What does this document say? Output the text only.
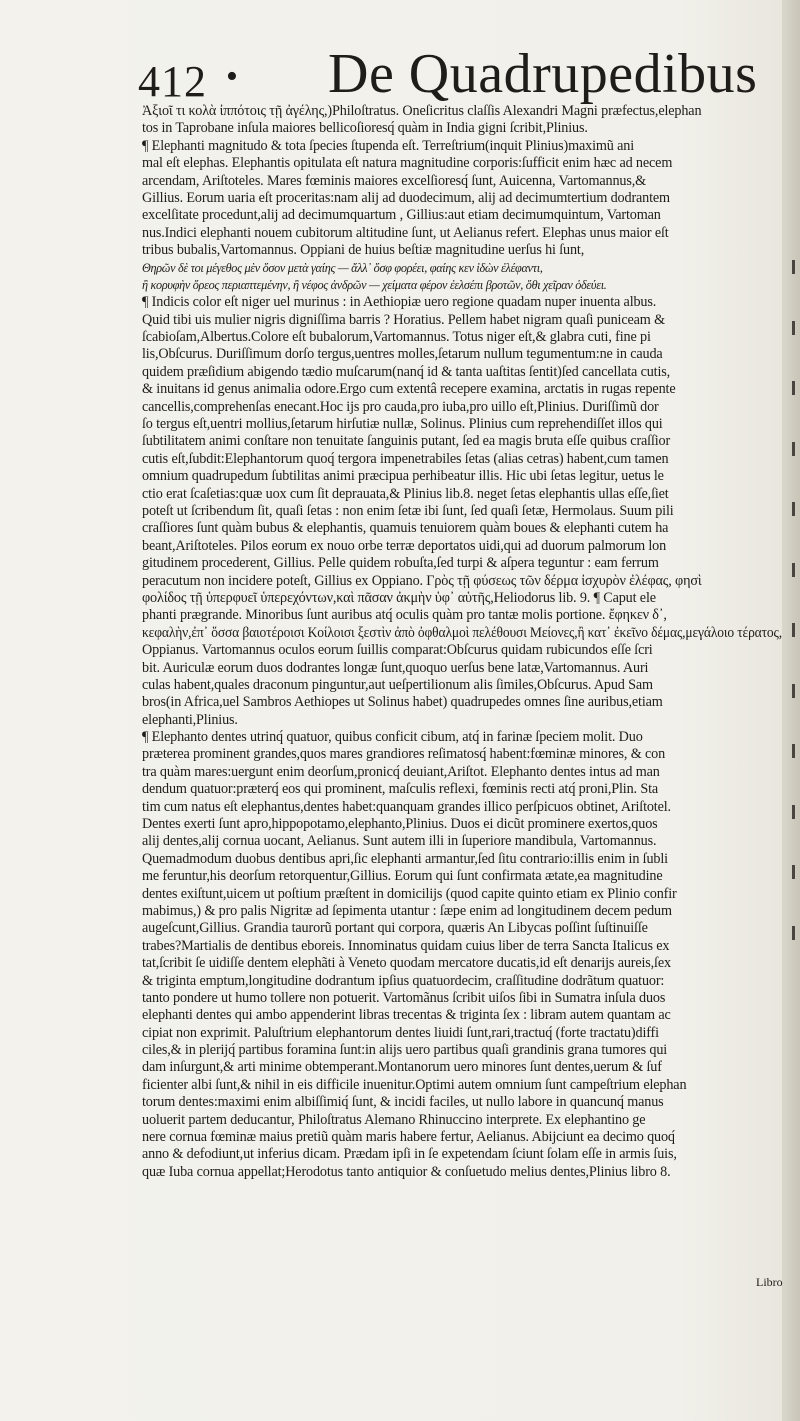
412 • De Quadrupedibus
Ἀξιοῖ τι κολὰ ἰππότοις τῇ ἀγέλης,)Philoſtratus. Oneſicritus claſſis Alexandri Magni præfectus,elephan
tos in Taprobane inſula maiores bellicoſioresq́ quàm in India gigni ſcribit,Plinius.
¶ Elephanti magnitudo & tota ſpecies ſtupenda eſt. Terreſtrium(inquit Plinius)maximũ ani
mal eſt elephas. Elephantis opitulata eſt natura magnitudine corporis:ſufficit enim hæc ad necem
arcendam, Ariſtoteles. Mares fœminis maiores excelſioresq́ ſunt, Auicenna, Vartomannus,&
Gillius. Eorum uaria eſt proceritas:nam alij ad duodecimum, alij ad decimumtertium dodrantem
excelſitate procedunt,alij ad decimumquartum , Gillius:aut etiam decimumquintum, Vartoman
nus.Indici elephanti nouem cubitorum altitudine ſunt, ut Aelianus refert. Elephas unus maior eſt
tribus bubalis,Vartomannus. Oppiani de huius beſtiæ magnitudine uerſus hi ſunt,
Θηρῶν δὲ τοι μέγεθος μὲν ὅσον μετὰ γαίης — ἄλλ᾽ ὅσφ φορέει, φαίης κεν ἰδὼν ἐλέφαντι,
ἢ κορυφὴν ὄρεος περιαπτεμένην, ἢ νέφος ἀνδρῶν — χείματα φέρον ἐελσέπι βροτῶν, ὅθι χεῖραν ὁδεύει.
¶ Indicis color eſt niger uel murinus : in Aethiopiæ uero regione quadam nuper inuenta albus.
Quid tibi uis mulier nigris digniſſima barris ? Horatius. Pellem habet nigram quaſi puniceam &
ſcabioſam,Albertus.Colore eſt bubalorum,Vartomannus. Totus niger eſt,& glabra cuti, fine pi
lis,Obſcurus. Duriſſimum dorſo tergus,uentres molles,ſetarum nullum tegumentum:ne in cauda
quidem præſidium abigendo tædio muſcarum(nanq́ id & tanta uaſtitas ſentit)ſed cancellata cutis,
& inuitans id genus animalia odore.Ergo cum extentâ recepere examina, arctatis in rugas repente
cancellis,comprehenſas enecant.Hoc ijs pro cauda,pro iuba,pro uillo eſt,Plinius. Duriſſimũ dor
ſo tergus eſt,uentri mollius,ſetarum hirſutiæ nullæ, Solinus. Plinius cum reprehendiſſet illos qui
ſubtilitatem animi conſtare non tenuitate ſanguinis putant, ſed ea magis bruta eſſe quibus craſſior
cutis eſt,ſubdit:Elephantorum quoq́ tergora impenetrabiles ſetas (alias cetras) habent,cum tamen
omnium quadrupedum ſubtilitas animi præcipua perhibeatur illis. Hic ubi ſetas legitur, uetus le
ctio erat ſcaſetias:quæ uox cum ſit deprauata,& Plinius lib.8. neget ſetas elephantis ullas eſſe,ſiet
poteſt ut ſcribendum ſit, quaſi ſetas : non enim ſetæ ibi ſunt, ſed quaſi ſetæ, Hermolaus. Suum pili
craſſiores ſunt quàm bubus & elephantis, quamuis tenuiorem quàm boues & elephanti cutem ha
beant,Ariſtoteles. Pilos eorum ex nouo orbe terræ deportatos uidi,qui ad duorum palmorum lon
gitudinem procederent, Gillius. Pelle quidem robuſta,ſed turpi & aſpera teguntur : eam ferrum
peracutum non incidere poteſt, Gillius ex Oppiano. Γρὸς τῇ φύσεως τῶν δέρμα ἰσχυρὸν ἐλέφας, φησὶ
φολίδος τῇ ὑπερφυεῖ ὑπερεχόντων,καὶ πᾶσαν ἀκμὴν ὑφ᾽ αὑτῆς,Heliodorus lib. 9. ¶ Caput ele
phanti prægrande. Minoribus ſunt auribus atq́ oculis quàm pro tantæ molis portione. ἔφηκεν δ᾽,
κεφαλὴν,ἐπ᾽ ὅσσα βαιοτέροισι Κοίλοισι ξεστὶν ἀπὸ ὀφθαλμοὶ πελέθουσι Μείονες,ἢ κατ᾽ ἐκεῖνο δέμας,μεγάλοιο τέρατος,
Oppianus. Vartomannus oculos eorum ſuillis comparat:Obſcurus quidam rubicundos eſſe ſcri
bit. Auriculæ eorum duos dodrantes longæ ſunt,quoquo uerſus bene latæ,Vartomannus. Auri
culas habent,quales draconum pinguntur,aut ueſpertilionum alis ſimiles,Obſcurus. Apud Sam
bros(in Africa,uel Sambros Aethiopes ut Solinus habet) quadrupedes omnes ſine auribus,etiam
elephanti,Plinius.
¶ Elephanto dentes utrinq́ quatuor, quibus conficit cibum, atq́ in farinæ ſpeciem molit. Duo
præterea prominent grandes,quos mares grandiores reſimatosq́ habent:fœminæ minores, & con
tra quàm mares:uergunt enim deorſum,pronicq́ deuiant,Ariſtot. Elephanto dentes intus ad man
dendum quatuor:præterq́ eos qui prominent, maſculis reflexi, fœminis recti atq́ proni,Plin. Sta
tim cum natus eſt elephantus,dentes habet:quanquam grandes illico perſpicuos obtinet, Ariſtotel.
Dentes exerti ſunt apro,hippopotamo,elephanto,Plinius. Duos ei dicũt prominere exertos,quos
alij dentes,alij cornua uocant, Aelianus. Sunt autem illi in ſuperiore mandibula, Vartomannus.
Quemadmodum duobus dentibus apri,ſic elephanti armantur,ſed ſitu contrario:illis enim in ſubli
me feruntur,his deorſum retorquentur,Gillius. Eorum qui ſunt confirmata ætate,ea magnitudine
dentes exiſtunt,uicem ut poſtium præſtent in domicilijs (quod capite quinto etiam ex Plinio confir
mabimus,) & pro palis Nigritæ ad ſepimenta utantur : ſæpe enim ad longitudinem decem pedum
augeſcunt,Gillius. Grandia taurorũ portant qui corpora, quæris An Libycas poſſint ſuſtinuiſſe
trabes?Martialis de dentibus eboreis. Innominatus quidam cuius liber de terra Sancta Italicus ex
tat,ſcribit ſe uidiſſe dentem elephãti à Veneto quodam mercatore ducatis,id eſt denarijs aureis,ſex
& triginta emptum,longitudine dodrantum ipſius quatuordecim, craſſitudine dodrãtum quatuor:
tanto pondere ut humo tollere non potuerit. Vartomãnus ſcribit uiſos ſibi in Sumatra inſula duos
elephanti dentes qui ambo appenderint libras trecentas & triginta ſex : libram autem quantam ac
cipiat non exprimit. Paluſtrium elephantorum dentes liuidi ſunt,rari,tractuq́ (forte tractatu)diffi
ciles,& in plerijq́ partibus foramina ſunt:in alijs uero partibus quaſi grandinis grana tumores qui
dam inſurgunt,& arti minime obtemperant.Montanorum uero minores ſunt dentes,uerum & ſuf
ficienter albi ſunt,& nihil in eis difficile inuenitur.Optimi autem omnium ſunt campeſtrium elephan
torum dentes:maximi enim albiſſimiq́ ſunt, & incidi faciles, ut nullo labore in quancunq́ manus
uoluerit partem deducantur, Philoſtratus Alemano Rhinuccino interprete. Ex elephantino ge
nere cornua fœminæ maius pretiũ quàm maris habere fertur, Aelianus. Abijciunt ea decimo quoq́
anno & defodiunt,ut inferius dicam. Prædam ipſi in ſe expetendam ſciunt ſolam eſſe in armis ſuis,
quæ Iuba cornua appellat;Herodotus tanto antiquior & conſuetudo melius dentes,Plinius libro 8.
Libro
